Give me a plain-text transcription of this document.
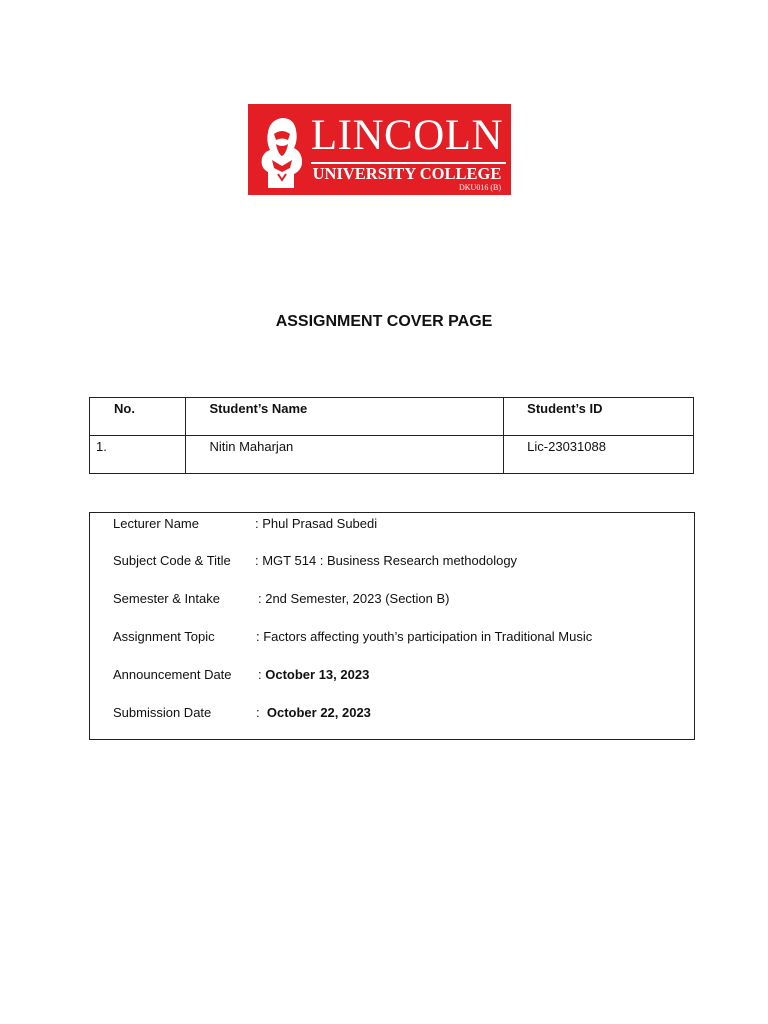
LINCOLN
UNIVERSITY COLLEGE
DKU016 (B)
ASSIGNMENT COVER PAGE
No.	Student’s Name	Student’s ID
1.	Nitin Maharjan	Lic-23031088
Lecturer Name	: Phul Prasad Subedi
Subject Code & Title : MGT 514 : Business Research methodology
Semester & Intake	: 2nd Semester, 2023 (Section B)
Assignment Topic	: Factors affecting youth’s participation in Traditional Music
Announcement Date : October 13, 2023
Submission Date	: October 22, 2023
